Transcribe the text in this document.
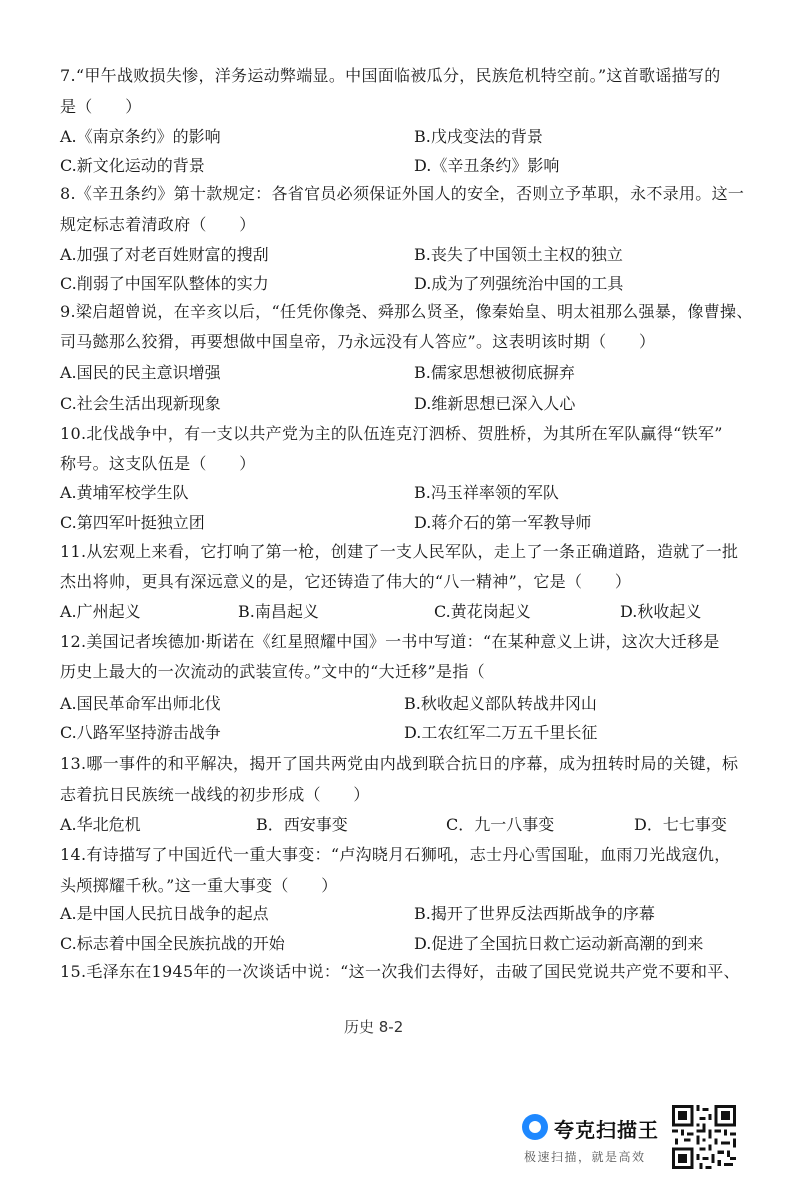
7.“甲午战败损失惨，洋务运动弊端显。中国面临被瓜分，民族危机特空前。”这首歌谣描写的
是（　　）
A.《南京条约》的影响	B.戊戌变法的背景
C.新文化运动的背景	D.《辛丑条约》影响
8.《辛丑条约》第十款规定：各省官员必须保证外国人的安全，否则立予革职，永不录用。这一
规定标志着清政府（　　）
A.加强了对老百姓财富的搜刮	B.丧失了中国领土主权的独立
C.削弱了中国军队整体的实力	D.成为了列强统治中国的工具
9.梁启超曾说，在辛亥以后，“任凭你像尧、舜那么贤圣，像秦始皇、明太祖那么强暴，像曹操、
司马懿那么狡猾，再要想做中国皇帝，乃永远没有人答应”。这表明该时期（　　）
A.国民的民主意识增强	B.儒家思想被彻底摒弃
C.社会生活出现新现象	D.维新思想已深入人心
10.北伐战争中，有一支以共产党为主的队伍连克汀泗桥、贺胜桥，为其所在军队赢得“铁军”
称号。这支队伍是（　　）
A.黄埔军校学生队	B.冯玉祥率领的军队
C.第四军叶挺独立团	D.蒋介石的第一军教导师
11.从宏观上来看，它打响了第一枪，创建了一支人民军队，走上了一条正确道路，造就了一批
杰出将帅，更具有深远意义的是，它还铸造了伟大的“八一精神”，它是（　　）
A.广州起义	B.南昌起义	C.黄花岗起义	D.秋收起义
12.美国记者埃德加·斯诺在《红星照耀中国》一书中写道：“在某种意义上讲，这次大迁移是
历史上最大的一次流动的武装宣传。”文中的“大迁移”是指（
A.国民革命军出师北伐	B.秋收起义部队转战井冈山
C.八路军坚持游击战争	D.工农红军二万五千里长征
13.哪一事件的和平解决，揭开了国共两党由内战到联合抗日的序幕，成为扭转时局的关键，标
志着抗日民族统一战线的初步形成（　　）
A.华北危机	B．西安事变	C．九一八事变	D．七七事变
14.有诗描写了中国近代一重大事变：“卢沟晓月石狮吼，志士丹心雪国耻，血雨刀光战寇仇，
头颅掷耀千秋。”这一重大事变（　　）
A.是中国人民抗日战争的起点	B.揭开了世界反法西斯战争的序幕
C.标志着中国全民族抗战的开始	D.促进了全国抗日救亡运动新高潮的到来
15.毛泽东在1945年的一次谈话中说：“这一次我们去得好，击破了国民党说共产党不要和平、
历史 8-2
夸克扫描王
极速扫描，就是高效
